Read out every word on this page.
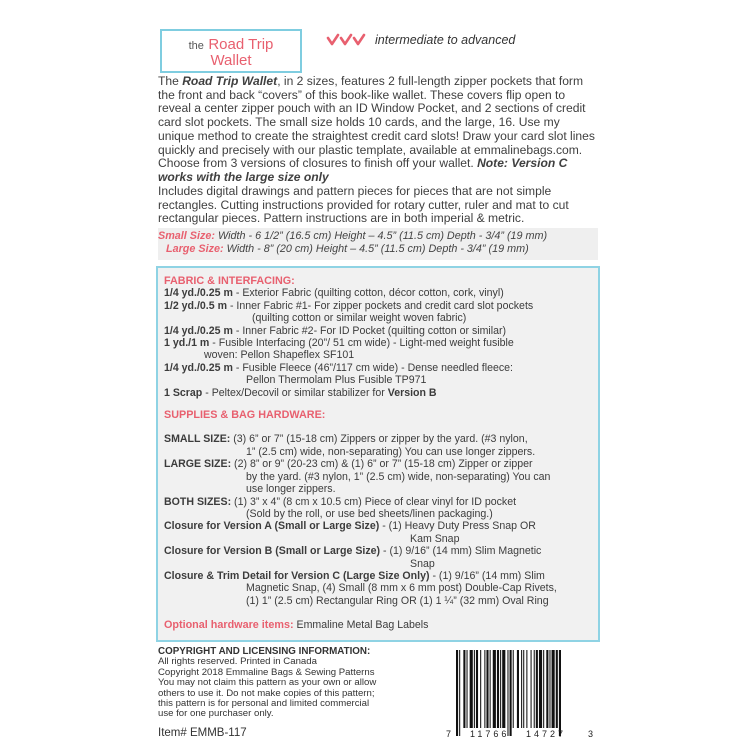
the Road Trip
Wallet
intermediate to advanced
The Road Trip Wallet, in 2 sizes, features 2 full-length zipper pockets that form the front and back “covers” of this book-like wallet. These covers flip open to reveal a center zipper pouch with an ID Window Pocket, and 2 sections of credit card slot pockets. The small size holds 10 cards, and the large, 16. Use my unique method to create the straightest credit card slots! Draw your card slot lines quickly and precisely with our plastic template, available at emmalinebags.com. Choose from 3 versions of closures to finish off your wallet. Note: Version C works with the large size only
Includes digital drawings and pattern pieces for pieces that are not simple rectangles. Cutting instructions provided for rotary cutter, ruler and mat to cut rectangular pieces. Pattern instructions are in both imperial & metric.
Small Size: Width - 6 1/2” (16.5 cm) Height – 4.5” (11.5 cm) Depth - 3/4” (19 mm)
Large Size: Width - 8” (20 cm) Height – 4.5” (11.5 cm) Depth - 3/4” (19 mm)
FABRIC & INTERFACING:
1/4 yd./0.25 m - Exterior Fabric (quilting cotton, décor cotton, cork, vinyl)
1/2 yd./0.5 m - Inner Fabric #1- For zipper pockets and credit card slot pockets
(quilting cotton or similar weight woven fabric)
1/4 yd./0.25 m - Inner Fabric #2- For ID Pocket (quilting cotton or similar)
1 yd./1 m - Fusible Interfacing (20”/ 51 cm wide) - Light-med weight fusible
woven: Pellon Shapeflex SF101
1/4 yd./0.25 m - Fusible Fleece (46”/117 cm wide) - Dense needled fleece:
Pellon Thermolam Plus Fusible TP971
1 Scrap - Peltex/Decovil or similar stabilizer for Version B
SUPPLIES & BAG HARDWARE:
SMALL SIZE: (3) 6” or 7” (15-18 cm) Zippers or zipper by the yard. (#3 nylon,
1” (2.5 cm) wide, non-separating) You can use longer zippers.
LARGE SIZE: (2) 8” or 9” (20-23 cm) & (1) 6” or 7” (15-18 cm) Zipper or zipper
by the yard. (#3 nylon, 1” (2.5 cm) wide, non-separating) You can
use longer zippers.
BOTH SIZES: (1) 3” x 4” (8 cm x 10.5 cm) Piece of clear vinyl for ID pocket
(Sold by the roll, or use bed sheets/linen packaging.)
Closure for Version A (Small or Large Size) - (1) Heavy Duty Press Snap OR
Kam Snap
Closure for Version B (Small or Large Size) - (1) 9/16” (14 mm) Slim Magnetic
Snap
Closure & Trim Detail for Version C (Large Size Only) - (1) 9/16” (14 mm) Slim
Magnetic Snap, (4) Small (8 mm x 6 mm post) Double-Cap Rivets,
(1) 1” (2.5 cm) Rectangular Ring OR (1) 1 ¼” (32 mm) Oval Ring
Optional hardware items: Emmaline Metal Bag Labels
COPYRIGHT AND LICENSING INFORMATION:
All rights reserved. Printed in Canada
Copyright 2018 Emmaline Bags & Sewing Patterns
You may not claim this pattern as your own or allow
others to use it. Do not make copies of this pattern;
this pattern is for personal and limited commercial
use for one purchaser only.
Item# EMMB-117	7 11766 14727 3
